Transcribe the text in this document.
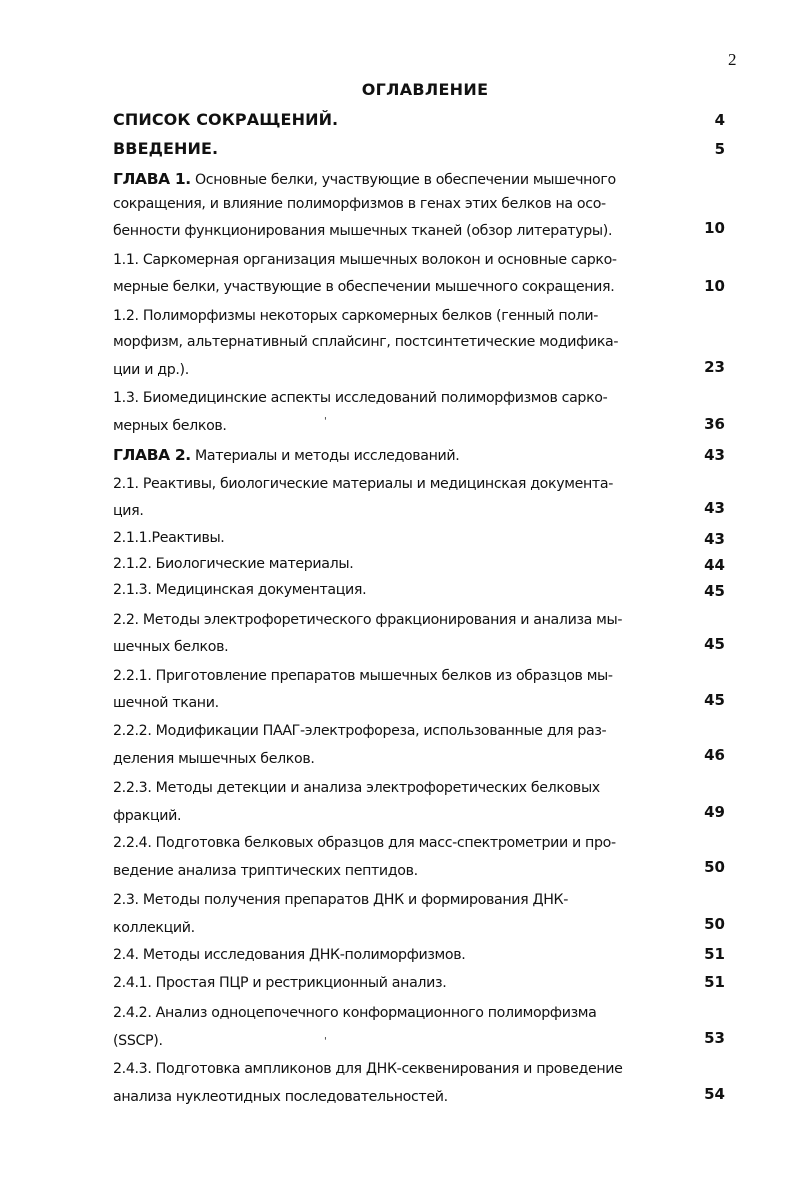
2
ОГЛАВЛЕНИЕ
СПИСОК СОКРАЩЕНИЙ.	4
ВВЕДЕНИЕ.	5
ГЛАВА 1. Основные белки, участвующие в обеспечении мышечного
сокращения, и влияние полиморфизмов в генах этих белков на осо-
бенности функционирования мышечных тканей (обзор литературы).	10
1.1. Саркомерная организация мышечных волокон и основные сарко-
мерные белки, участвующие в обеспечении мышечного сокращения.	10
1.2. Полиморфизмы некоторых саркомерных белков (генный поли-
морфизм, альтернативный сплайсинг, постсинтетические модифика-
ции и др.).	23
1.3. Биомедицинские аспекты исследований полиморфизмов сарко-
мерных белков.	36
'
ГЛАВА 2. Материалы и методы исследований.	43
2.1. Реактивы, биологические материалы и медицинская документа-
ция.	43
2.1.1.Реактивы.	43
2.1.2. Биологические материалы.	44
2.1.3. Медицинская документация.	45
2.2. Методы электрофоретического фракционирования и анализа мы-
шечных белков.	45
2.2.1. Приготовление препаратов мышечных белков из образцов мы-
шечной ткани.	45
2.2.2. Модификации ПААГ-электрофореза, использованные для раз-
деления мышечных белков.	46
2.2.3. Методы детекции и анализа электрофоретических белковых
фракций.	49
2.2.4. Подготовка белковых образцов для масс-спектрометрии и про-
ведение анализа триптических пептидов.	50
2.3. Методы получения препаратов ДНК и формирования ДНК-
коллекций.	50
2.4. Методы исследования ДНК-полиморфизмов.	51
2.4.1. Простая ПЦР и рестрикционный анализ.	51
2.4.2. Анализ одноцепочечного конформационного полиморфизма
(SSCP).	53
'
2.4.3. Подготовка ампликонов для ДНК-секвенирования и проведение
анализа нуклеотидных последовательностей.	54
